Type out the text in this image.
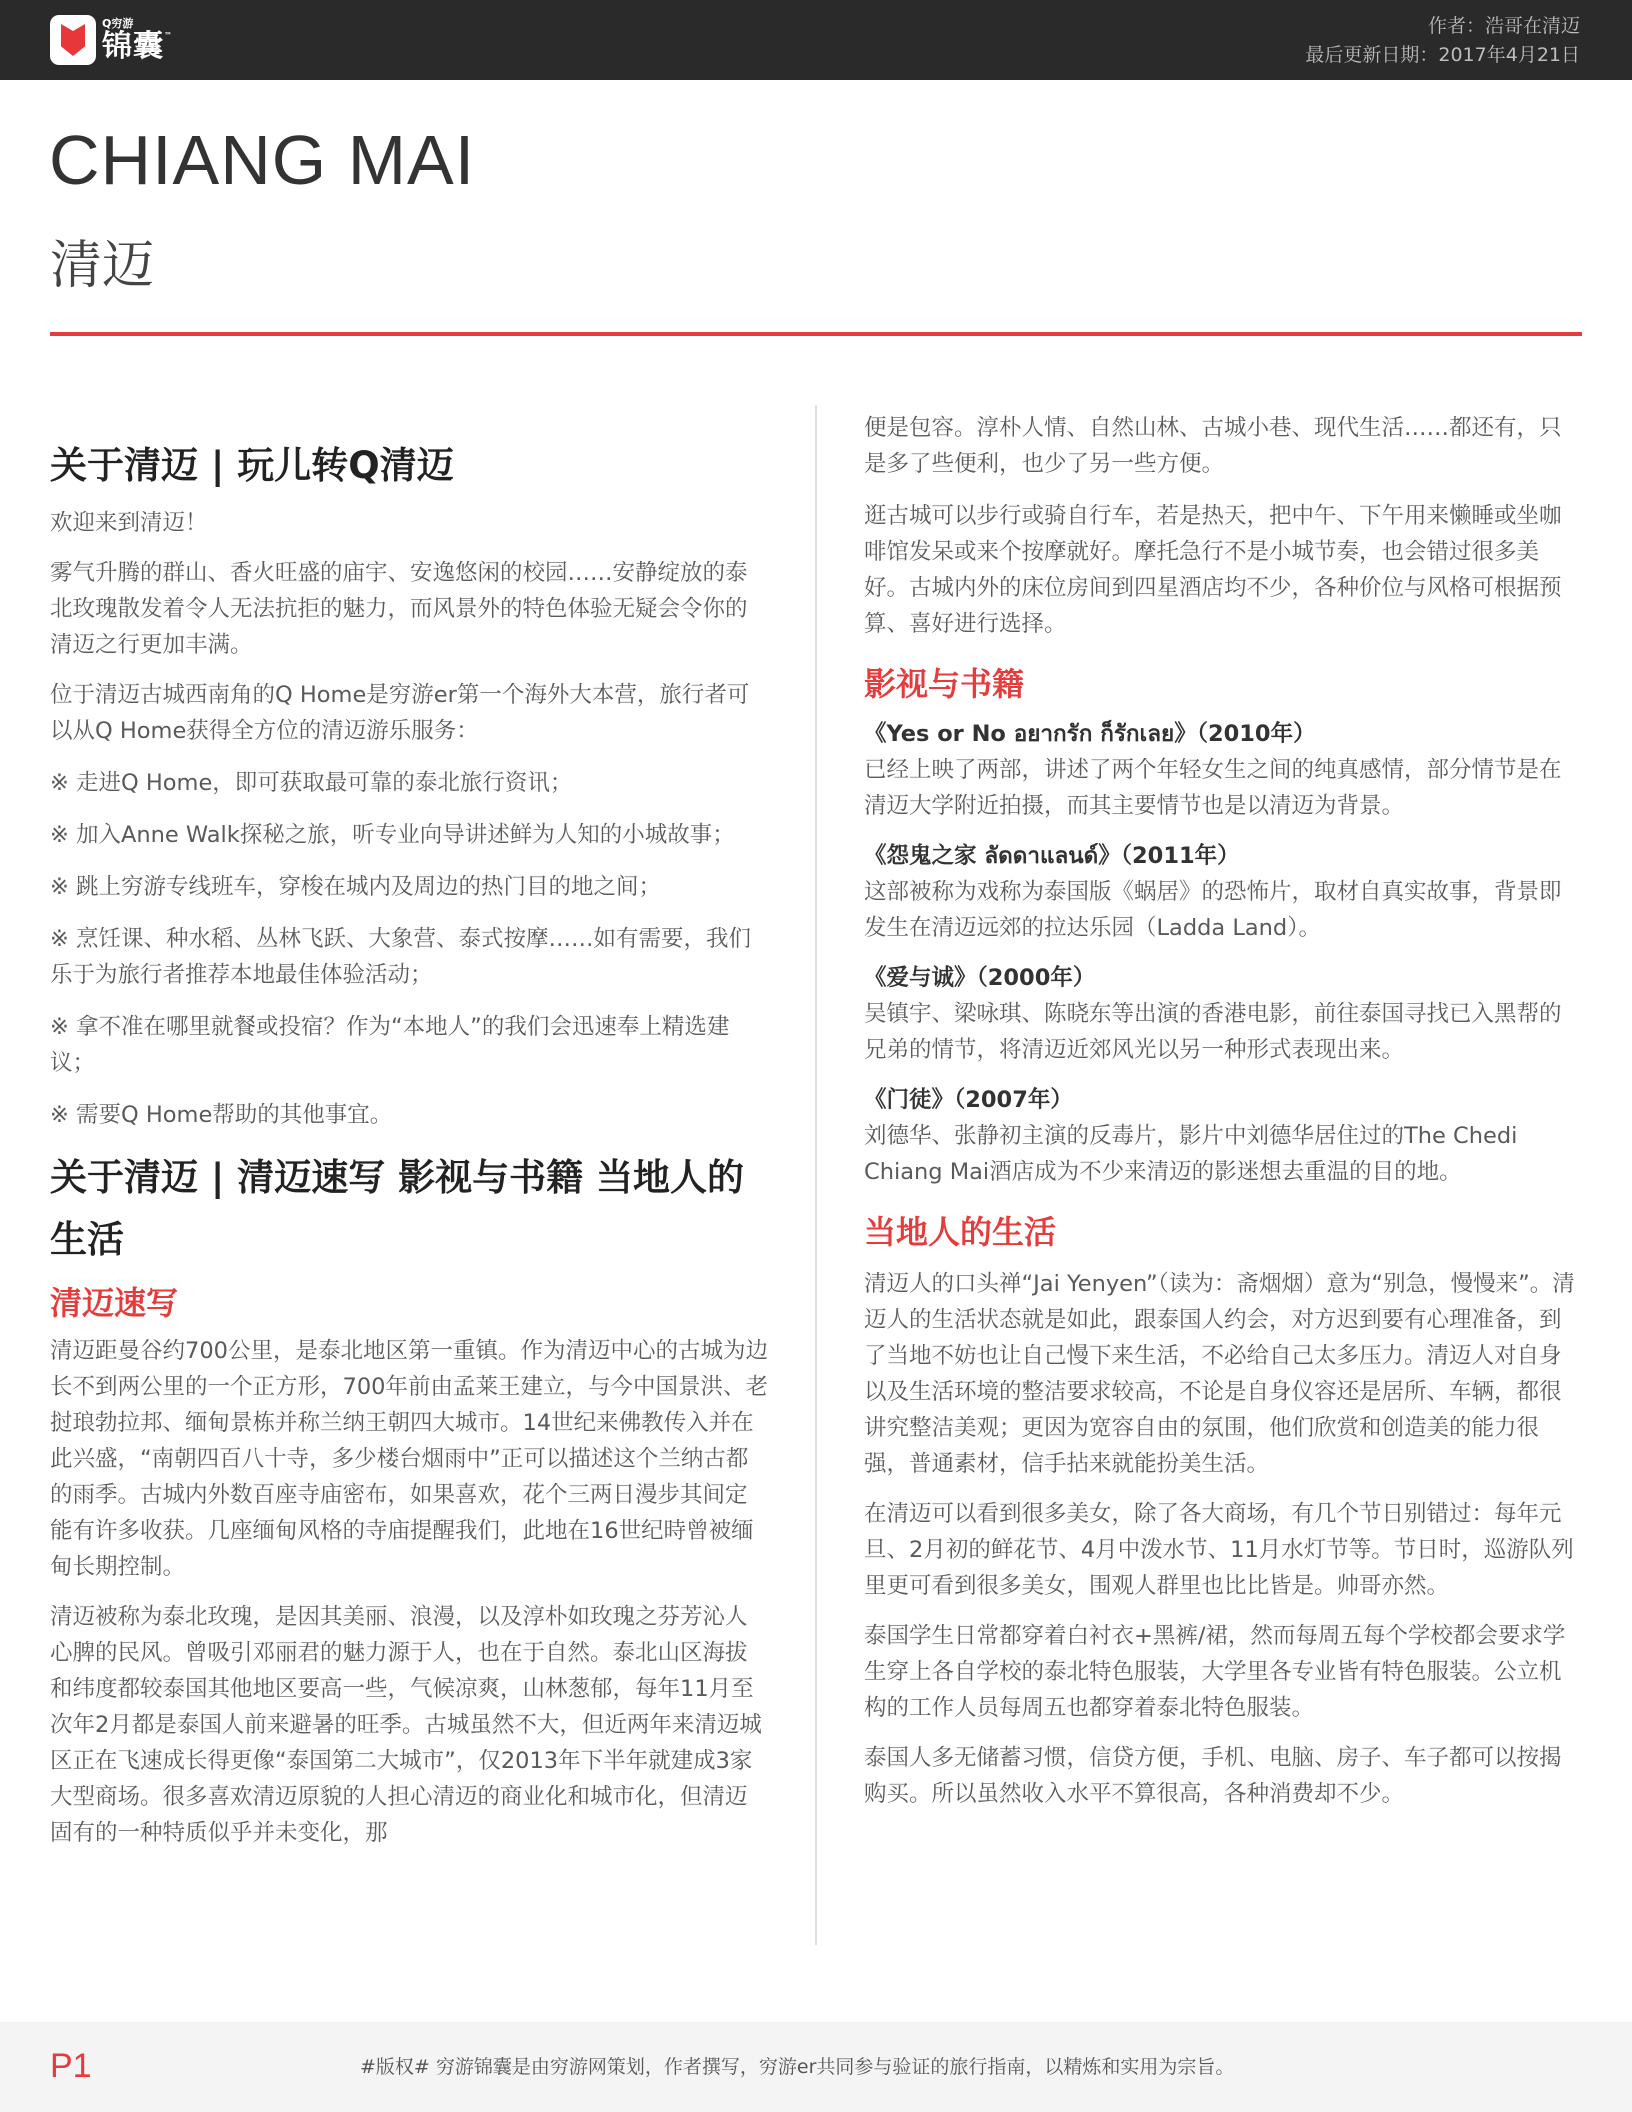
Q穷游
锦囊™	作者：浩哥在清迈
最后更新日期：2017年4月21日
CHIANG MAI
清迈
关于清迈 | 玩儿转Q清迈

欢迎来到清迈！

雾气升腾的群山、香火旺盛的庙宇、安逸悠闲的校园……安静绽放的泰北玫瑰散发着令人无法抗拒的魅力，而风景外的特色体验无疑会令你的清迈之行更加丰满。

位于清迈古城西南角的Q Home是穷游er第一个海外大本营，旅行者可以从Q Home获得全方位的清迈游乐服务：

※ 走进Q Home，即可获取最可靠的泰北旅行资讯；

※ 加入Anne Walk探秘之旅，听专业向导讲述鲜为人知的小城故事；

※ 跳上穷游专线班车，穿梭在城内及周边的热门目的地之间；

※ 烹饪课、种水稻、丛林飞跃、大象营、泰式按摩……如有需要，我们乐于为旅行者推荐本地最佳体验活动；

※ 拿不准在哪里就餐或投宿？作为“本地人”的我们会迅速奉上精选建议；

※ 需要Q Home帮助的其他事宜。

关于清迈 | 清迈速写 影视与书籍 当地人的生活
清迈速写

清迈距曼谷约700公里，是泰北地区第一重镇。作为清迈中心的古城为边长不到两公里的一个正方形，700年前由孟莱王建立，与今中国景洪、老挝琅勃拉邦、缅甸景栋并称兰纳王朝四大城市。14世纪来佛教传入并在此兴盛，“南朝四百八十寺，多少楼台烟雨中”正可以描述这个兰纳古都的雨季。古城内外数百座寺庙密布，如果喜欢，花个三两日漫步其间定能有许多收获。几座缅甸风格的寺庙提醒我们，此地在16世纪時曾被缅甸长期控制。

清迈被称为泰北玫瑰，是因其美丽、浪漫，以及淳朴如玫瑰之芬芳沁人心脾的民风。曾吸引邓丽君的魅力源于人，也在于自然。泰北山区海拔和纬度都较泰国其他地区要高一些，气候凉爽，山林葱郁，每年11月至次年2月都是泰国人前来避暑的旺季。古城虽然不大，但近两年来清迈城区正在飞速成长得更像“泰国第二大城市”，仅2013年下半年就建成3家大型商场。很多喜欢清迈原貌的人担心清迈的商业化和城市化，但清迈固有的一种特质似乎并未变化，那

便是包容。淳朴人情、自然山林、古城小巷、现代生活……都还有，只是多了些便利，也少了另一些方便。

逛古城可以步行或骑自行车，若是热天，把中午、下午用来懒睡或坐咖啡馆发呆或来个按摩就好。摩托急行不是小城节奏，也会错过很多美好。古城内外的床位房间到四星酒店均不少，各种价位与风格可根据预算、喜好进行选择。

影视与书籍
《Yes or No อยากรัก ก็รักเลย》（2010年）

已经上映了两部，讲述了两个年轻女生之间的纯真感情，部分情节是在清迈大学附近拍摄，而其主要情节也是以清迈为背景。

《怨鬼之家 ลัดดาแลนด์》（2011年）

这部被称为戏称为泰国版《蜗居》的恐怖片，取材自真实故事，背景即发生在清迈远郊的拉达乐园（Ladda Land）。

《爱与诚》（2000年）

吴镇宇、梁咏琪、陈晓东等出演的香港电影，前往泰国寻找已入黑帮的兄弟的情节，将清迈近郊风光以另一种形式表现出来。

《门徒》（2007年）

刘德华、张静初主演的反毒片，影片中刘德华居住过的The Chedi Chiang Mai酒店成为不少来清迈的影迷想去重温的目的地。

当地人的生活

清迈人的口头禅“Jai Yenyen”（读为：斋烟烟）意为“别急，慢慢来”。清迈人的生活状态就是如此，跟泰国人约会，对方迟到要有心理准备，到了当地不妨也让自己慢下来生活，不必给自己太多压力。清迈人对自身以及生活环境的整洁要求较高，不论是自身仪容还是居所、车辆，都很讲究整洁美观；更因为宽容自由的氛围，他们欣赏和创造美的能力很强，普通素材，信手拈来就能扮美生活。

在清迈可以看到很多美女，除了各大商场，有几个节日别错过：每年元旦、2月初的鲜花节、4月中泼水节、11月水灯节等。节日时，巡游队列里更可看到很多美女，围观人群里也比比皆是。帅哥亦然。

泰国学生日常都穿着白衬衣+黑裤/裙，然而每周五每个学校都会要求学生穿上各自学校的泰北特色服装，大学里各专业皆有特色服装。公立机构的工作人员每周五也都穿着泰北特色服装。

泰国人多无储蓄习惯，信贷方便，手机、电脑、房子、车子都可以按揭购买。所以虽然收入水平不算很高，各种消费却不少。

P1	#版权# 穷游锦囊是由穷游网策划，作者撰写，穷游er共同参与验证的旅行指南，以精炼和实用为宗旨。
